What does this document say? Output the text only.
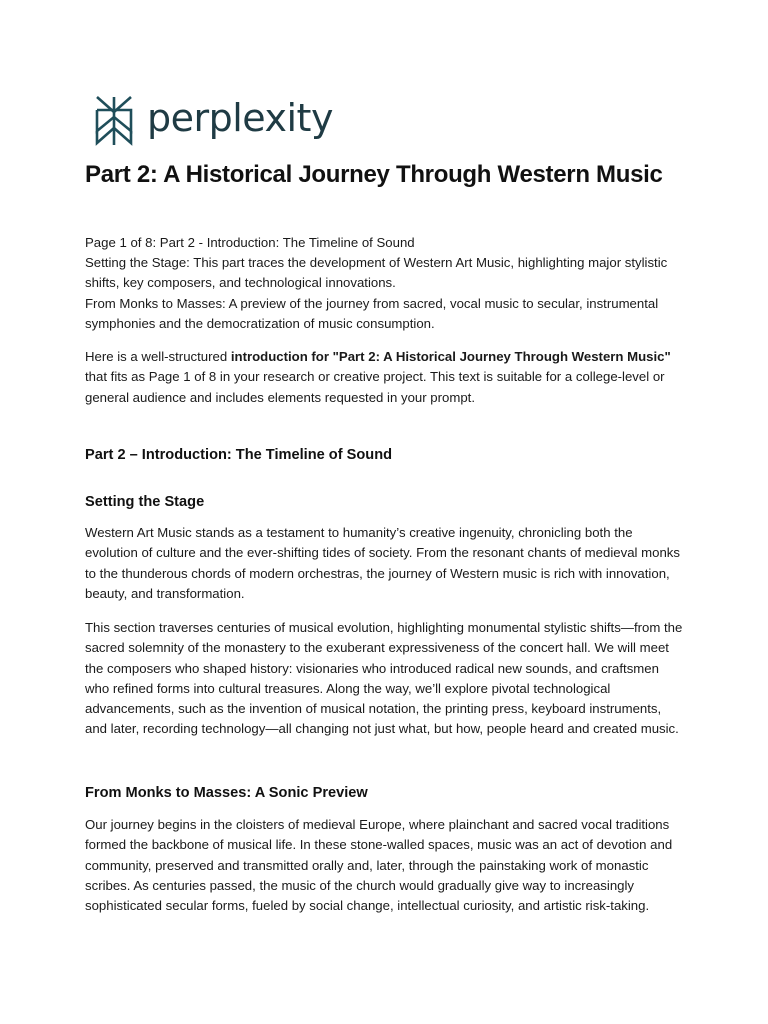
perplexity
Part 2: A Historical Journey Through Western Music
Page 1 of 8: Part 2 - Introduction: The Timeline of Sound
Setting the Stage: This part traces the development of Western Art Music, highlighting major stylistic shifts, key composers, and technological innovations.
From Monks to Masses: A preview of the journey from sacred, vocal music to secular, instrumental symphonies and the democratization of music consumption.

Here is a well-structured introduction for "Part 2: A Historical Journey Through Western Music" that fits as Page 1 of 8 in your research or creative project. This text is suitable for a college-level or general audience and includes elements requested in your prompt.

Part 2 – Introduction: The Timeline of Sound
Setting the Stage

Western Art Music stands as a testament to humanity’s creative ingenuity, chronicling both the evolution of culture and the ever-shifting tides of society. From the resonant chants of medieval monks to the thunderous chords of modern orchestras, the journey of Western music is rich with innovation, beauty, and transformation.

This section traverses centuries of musical evolution, highlighting monumental stylistic shifts—from the sacred solemnity of the monastery to the exuberant expressiveness of the concert hall. We will meet the composers who shaped history: visionaries who introduced radical new sounds, and craftsmen who refined forms into cultural treasures. Along the way, we’ll explore pivotal technological advancements, such as the invention of musical notation, the printing press, keyboard instruments, and later, recording technology—all changing not just what, but how, people heard and created music.

From Monks to Masses: A Sonic Preview

Our journey begins in the cloisters of medieval Europe, where plainchant and sacred vocal traditions formed the backbone of musical life. In these stone-walled spaces, music was an act of devotion and community, preserved and transmitted orally and, later, through the painstaking work of monastic scribes. As centuries passed, the music of the church would gradually give way to increasingly sophisticated secular forms, fueled by social change, intellectual curiosity, and artistic risk-taking.
